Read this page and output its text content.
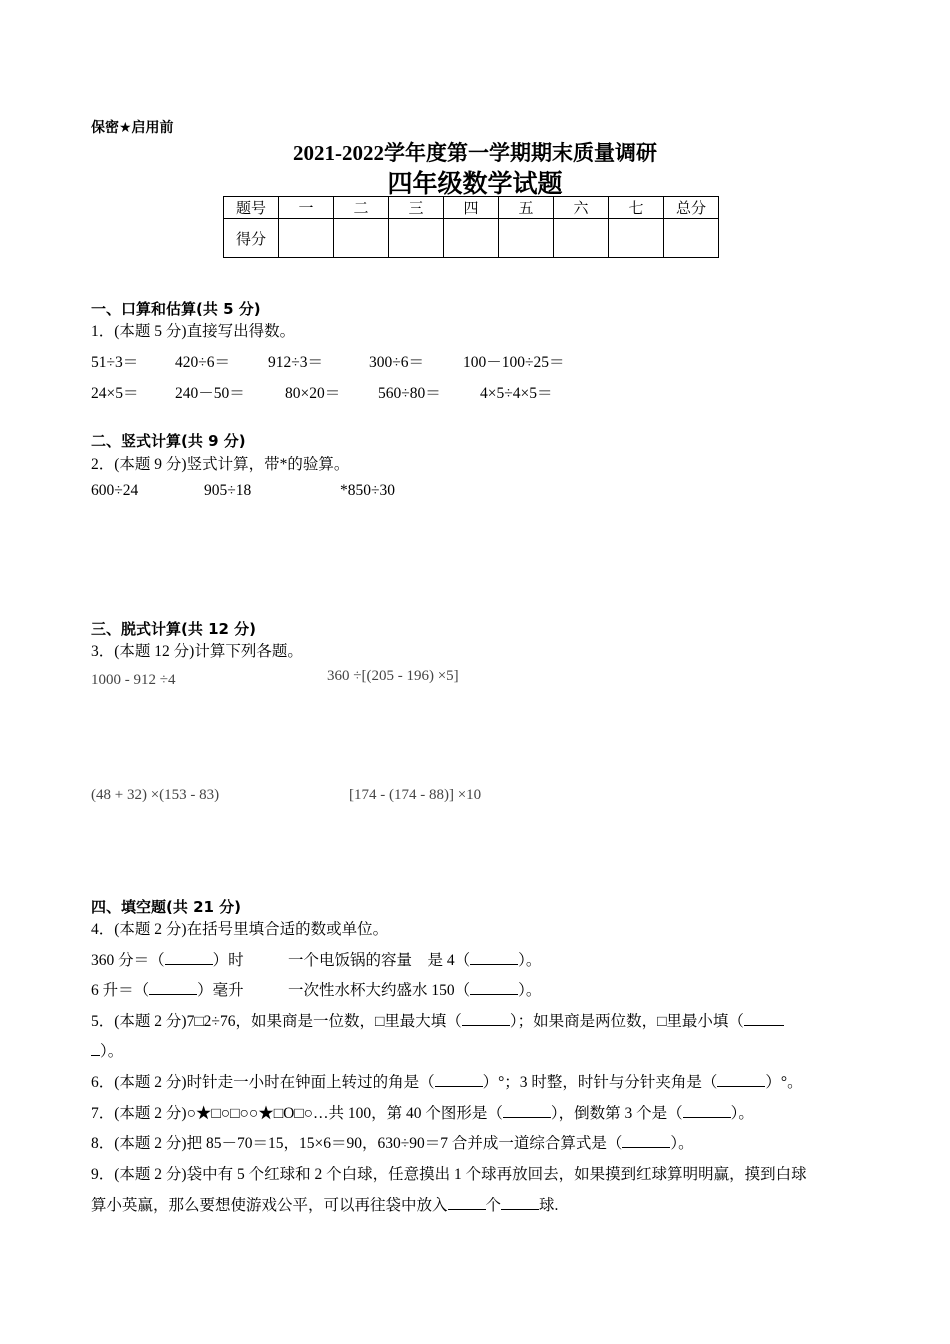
保密★启用前
2021-2022学年度第一学期期末质量调研
四年级数学试题
题号	一	二	三	四	五	六	七	总分
得分								
一、口算和估算(共 5 分)
1．(本题 5 分)直接写出得数。
51÷3＝ 420÷6＝ 912÷3＝	300÷6＝	100－100÷25＝
24×5＝ 240－50＝	80×20＝ 560÷80＝	4×5÷4×5＝
二、竖式计算(共 9 分)
2．(本题 9 分)竖式计算，带*的验算。
600÷24	905÷18	*850÷30
三、脱式计算(共 12 分)
3．(本题 12 分)计算下列各题。
1000 - 912 ÷4	360 ÷[(205 - 196) ×5]
(48 + 32) ×(153 - 83)	[174 - (174 - 88)] ×10
四、填空题(共 21 分)
4．(本题 2 分)在括号里填合适的数或单位。
360 分＝（	）时	一个电饭锅的容量　是 4（	）。
6 升＝（	）毫升	一次性水杯大约盛水 150（	）。
5．(本题 2 分)7□2÷76，如果商是一位数，□里最大填（	）；如果商是两位数，□里最小填（
）。
6．(本题 2 分)时针走一小时在钟面上转过的角是（	）°；3 时整，时针与分针夹角是（	）°。
7．(本题 2 分)○★□○□○○★□О□○…共 100，第 40 个图形是（	），倒数第 3 个是（	）。
8．(本题 2 分)把 85－70＝15，15×6＝90，630÷90＝7 合并成一道综合算式是（	）。
9．(本题 2 分)袋中有 5 个红球和 2 个白球，任意摸出 1 个球再放回去，如果摸到红球算明明赢，摸到白球
算小英赢，那么要想使游戏公平，可以再往袋中放入 个 球.
